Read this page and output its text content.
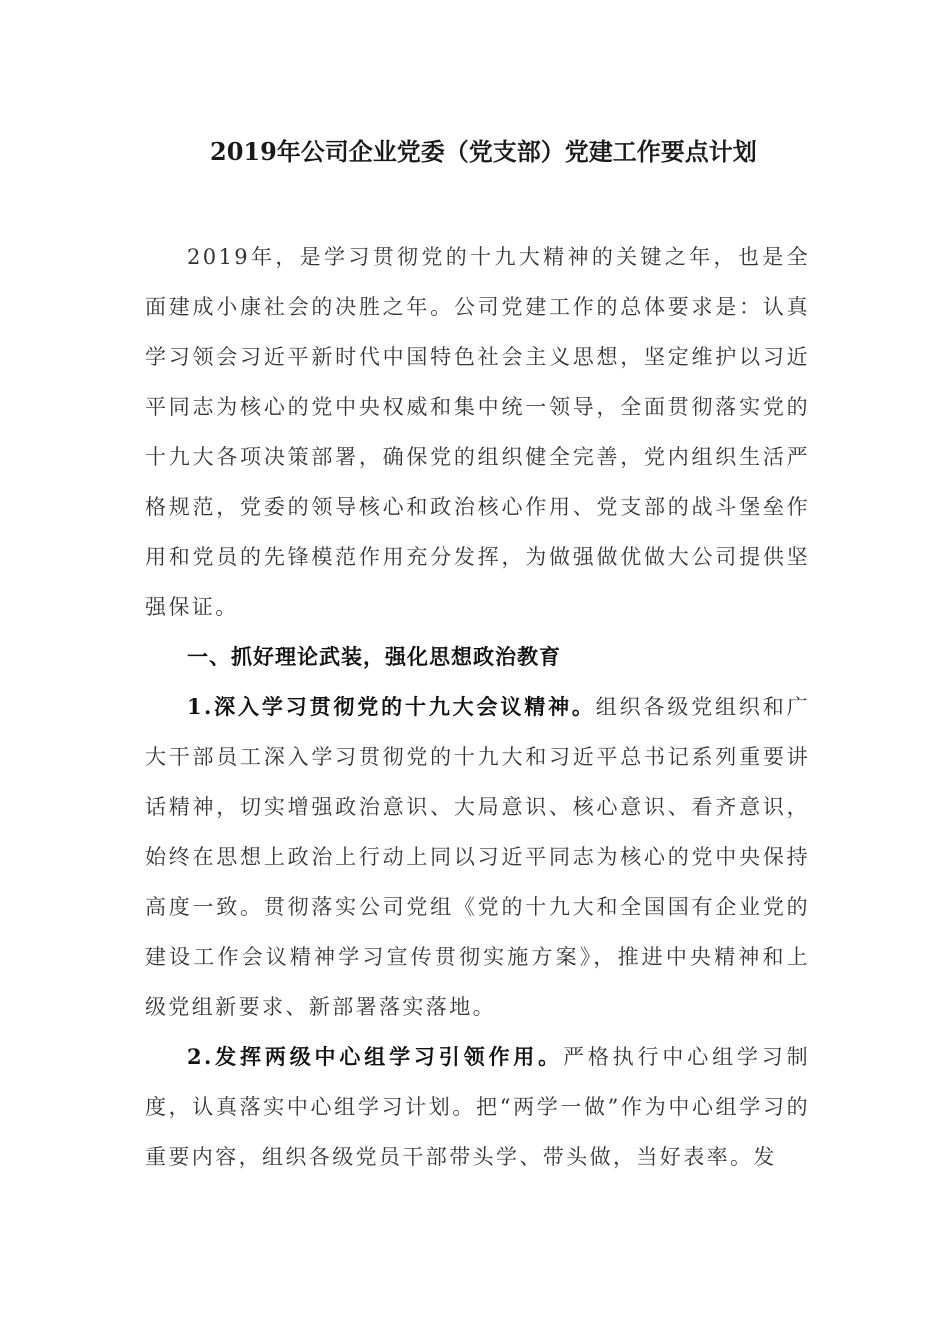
2019年公司企业党委（党支部）党建工作要点计划

2019年，是学习贯彻党的十九大精神的关键之年，也是全面建成小康社会的决胜之年。公司党建工作的总体要求是：认真学习领会习近平新时代中国特色社会主义思想，坚定维护以习近平同志为核心的党中央权威和集中统一领导，全面贯彻落实党的十九大各项决策部署，确保党的组织健全完善，党内组织生活严格规范，党委的领导核心和政治核心作用、党支部的战斗堡垒作用和党员的先锋模范作用充分发挥，为做强做优做大公司提供坚强保证。

一、抓好理论武装，强化思想政治教育

1.深入学习贯彻党的十九大会议精神。组织各级党组织和广大干部员工深入学习贯彻党的十九大和习近平总书记系列重要讲话精神，切实增强政治意识、大局意识、核心意识、看齐意识，始终在思想上政治上行动上同以习近平同志为核心的党中央保持高度一致。贯彻落实公司党组《党的十九大和全国国有企业党的建设工作会议精神学习宣传贯彻实施方案》，推进中央精神和上级党组新要求、新部署落实落地。

2.发挥两级中心组学习引领作用。严格执行中心组学习制度，认真落实中心组学习计划。把“两学一做”作为中心组学习的重要内容，组织各级党员干部带头学、带头做，当好表率。发
